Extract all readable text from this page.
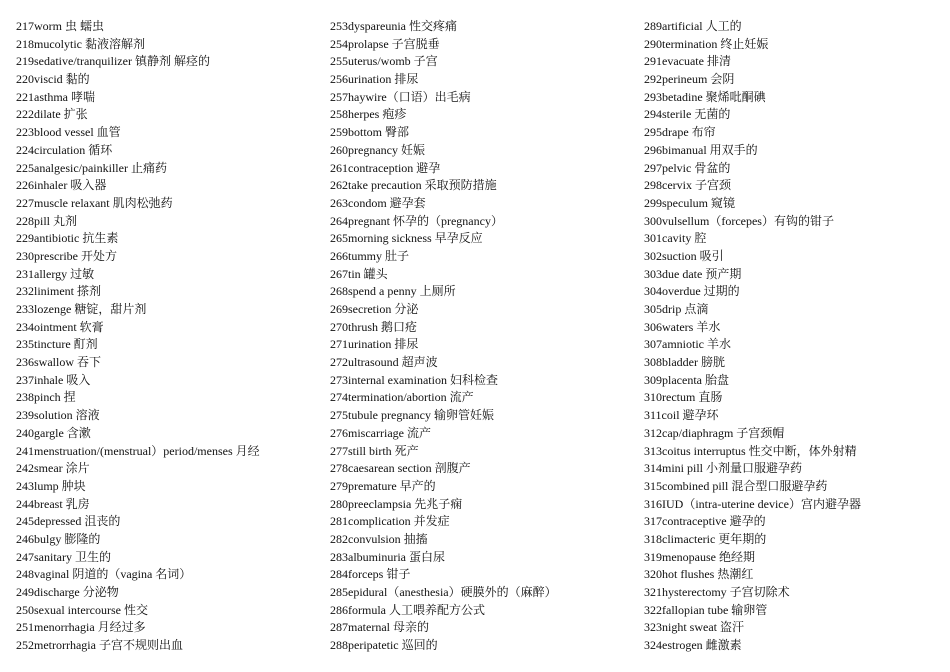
217worm 虫 蠕虫
218mucolytic 黏液溶解剂
219sedative/tranquilizer 镇静剂 解痉的
220viscid 黏的
221asthma 哮喘
222dilate 扩张
223blood vessel 血管
224circulation 循环
225analgesic/painkiller 止痛药
226inhaler 吸入器
227muscle relaxant 肌肉松弛药
228pill 丸剂
229antibiotic 抗生素
230prescribe 开处方
231allergy 过敏
232liniment 搽剂
233lozenge 糖锭，甜片剂
234ointment 软膏
235tincture 酊剂
236swallow 吞下
237inhale 吸入
238pinch 捏
239solution 溶液
240gargle 含漱
241menstruation/(menstrual）period/menses 月经
242smear 涂片
243lump 肿块
244breast 乳房
245depressed 沮丧的
246bulgy 膨隆的
247sanitary 卫生的
248vaginal 阴道的（vagina 名词）
249discharge 分泌物
250sexual intercourse 性交
251menorrhagia 月经过多
252metrorrhagia 子宫不规则出血
253dyspareunia 性交疼痛
254prolapse 子宫脱垂
255uterus/womb 子宫
256urination 排尿
257haywire（口语）出毛病
258herpes 疱疹
259bottom 臀部
260pregnancy 妊娠
261contraception 避孕
262take precaution 采取预防措施
263condom 避孕套
264pregnant 怀孕的（pregnancy）
265morning sickness 早孕反应
266tummy 肚子
267tin 罐头
268spend a penny 上厕所
269secretion 分泌
270thrush 鹅口疮
271urination 排尿
272ultrasound 超声波
273internal examination 妇科检查
274termination/abortion 流产
275tubule pregnancy 输卵管妊娠
276miscarriage 流产
277still birth 死产
278caesarean section 剖腹产
279premature 早产的
280preeclampsia 先兆子痫
281complication 并发症
282convulsion 抽搐
283albuminuria 蛋白尿
284forceps 钳子
285epidural（anesthesia）硬膜外的（麻醉）
286formula 人工喂养配方公式
287maternal 母亲的
288peripatetic 巡回的
289artificial 人工的
290termination 终止妊娠
291evacuate 排清
292perineum 会阴
293betadine 聚烯吡酮碘
294sterile 无菌的
295drape 布帘
296bimanual 用双手的
297pelvic 骨盆的
298cervix 子宫颈
299speculum 窥镜
300vulsellum（forcepes）有钩的钳子
301cavity 腔
302suction 吸引
303due date 预产期
304overdue 过期的
305drip 点滴
306waters 羊水
307amniotic 羊水
308bladder 膀胱
309placenta 胎盘
310rectum 直肠
311coil 避孕环
312cap/diaphragm 子宫颈帽
313coitus interruptus 性交中断，体外射精
314mini pill 小剂量口服避孕药
315combined pill 混合型口服避孕药
316IUD（intra-uterine device）宫内避孕器
317contraceptive 避孕的
318climacteric 更年期的
319menopause 绝经期
320hot flushes 热潮红
321hysterectomy 子宫切除术
322fallopian tube 输卵管
323night sweat 盗汗
324estrogen 雌激素
